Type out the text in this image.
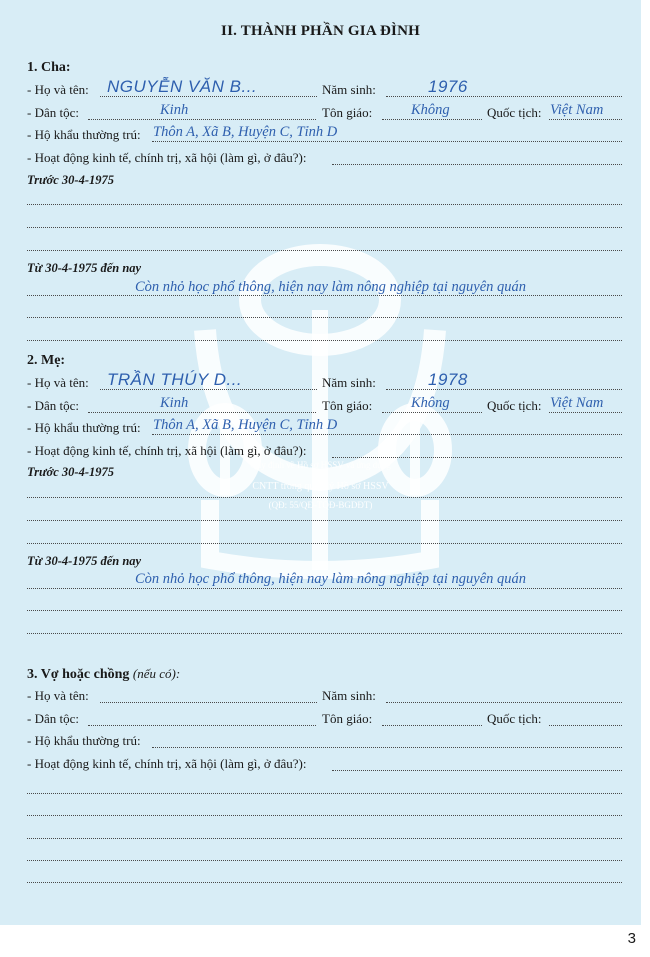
Quy định về Hồ sơ HSSV và ứng dụng
CNTT trong quản lý Hồ sơ HSSV
(QĐ: 55/QĐ-TQĐ-BGDĐT)
II. THÀNH PHẦN GIA ĐÌNH
1. Cha:
- Họ và tên: NGUYỄN VĂN B...	Năm sinh:	1976
- Dân tộc:	Kinh	Tôn giáo:	Không	Quốc tịch: Việt Nam
- Hộ khẩu thường trú: Thôn A, Xã B, Huyện C, Tỉnh D
- Hoạt động kinh tế, chính trị, xã hội (làm gì, ở đâu?):
Trước 30-4-1975
Từ 30-4-1975 đến nay
Còn nhỏ học phổ thông, hiện nay làm nông nghiệp tại nguyên quán
2. Mẹ:
- Họ và tên: TRẦN THÚY D...	Năm sinh:	1978
- Dân tộc:	Kinh	Tôn giáo:	Không	Quốc tịch: Việt Nam
- Hộ khẩu thường trú: Thôn A, Xã B, Huyện C, Tỉnh D
- Hoạt động kinh tế, chính trị, xã hội (làm gì, ở đâu?):
Trước 30-4-1975
Từ 30-4-1975 đến nay
Còn nhỏ học phổ thông, hiện nay làm nông nghiệp tại nguyên quán
3. Vợ hoặc chồng (nếu có):
- Họ và tên:	Năm sinh:
- Dân tộc:	Tôn giáo:	Quốc tịch:
- Hộ khẩu thường trú:
- Hoạt động kinh tế, chính trị, xã hội (làm gì, ở đâu?):
3
